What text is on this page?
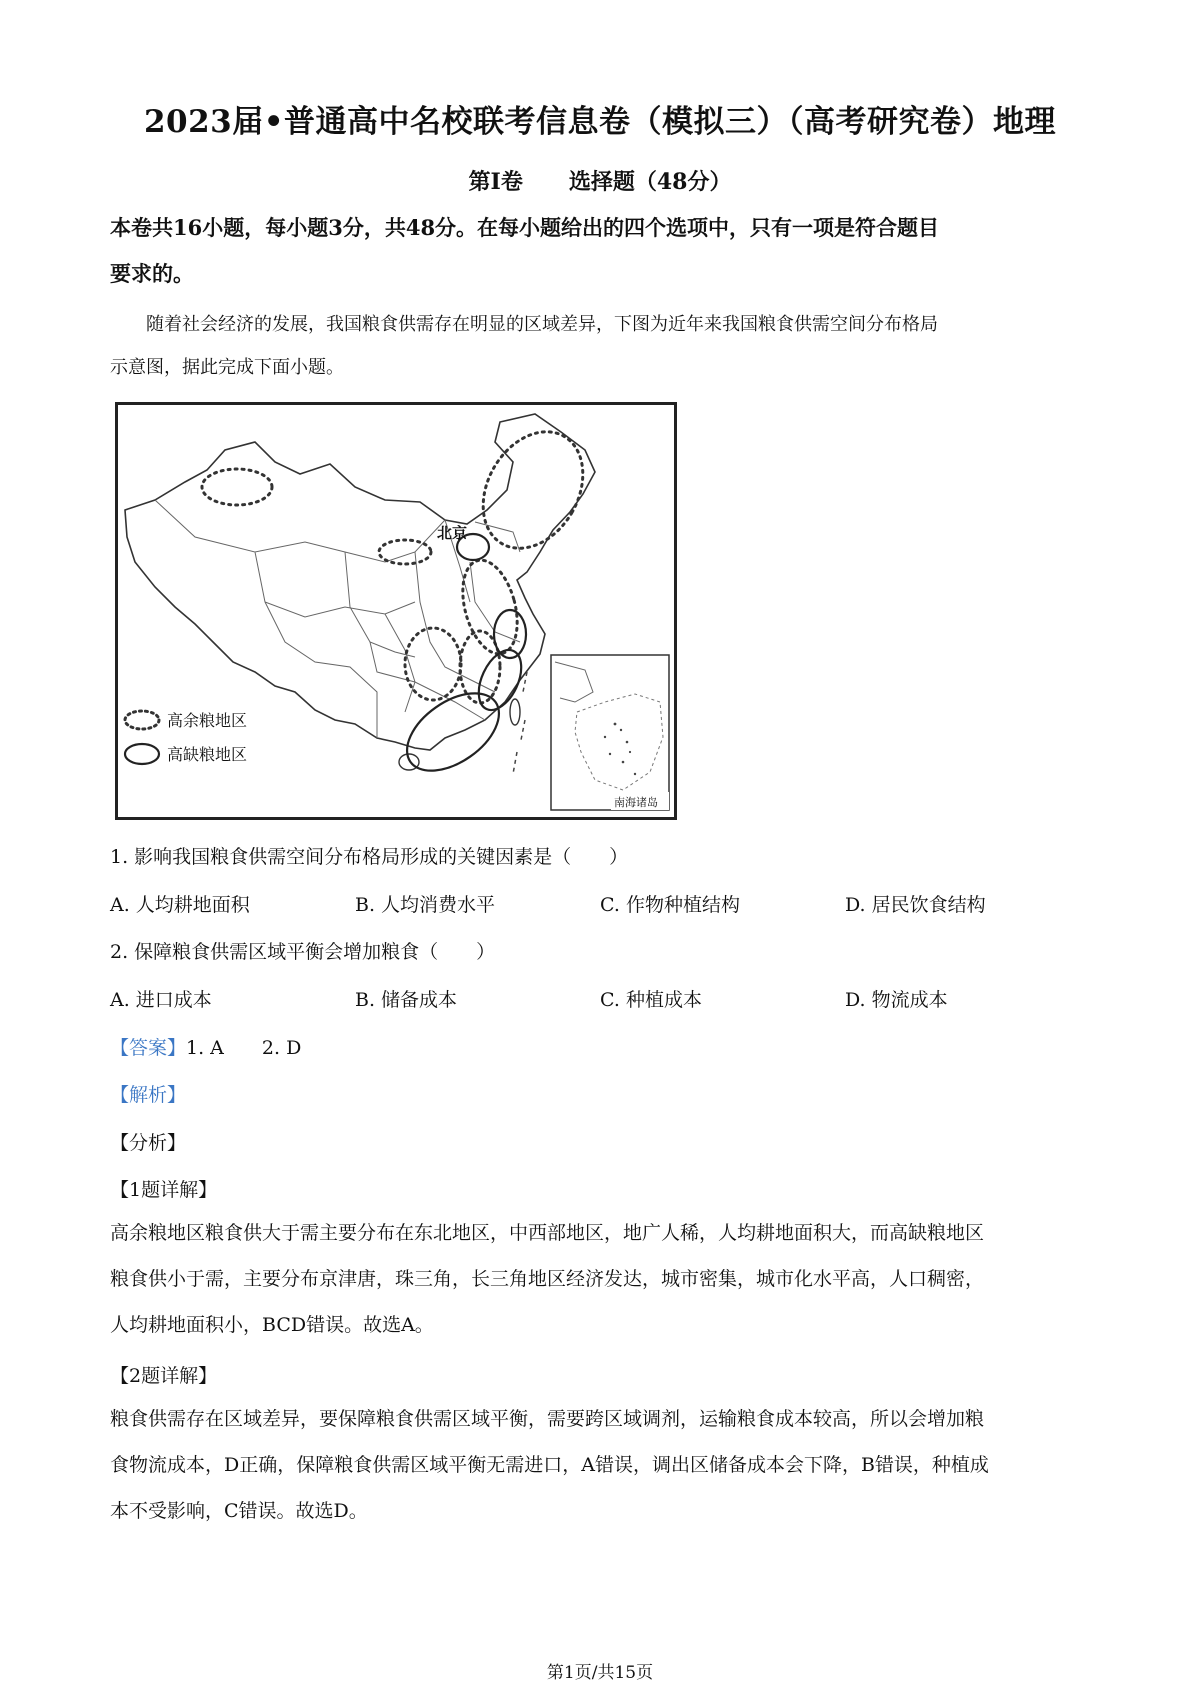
2023届•普通高中名校联考信息卷（模拟三）（高考研究卷）地理
第Ⅰ卷 选择题（48分）
本卷共16小题，每小题3分，共48分。在每小题给出的四个选项中，只有一项是符合题目
要求的。
随着社会经济的发展，我国粮食供需存在明显的区域差异，下图为近年来我国粮食供需空间分布格局
示意图，据此完成下面小题。
北京
高余粮地区
高缺粮地区
南海诸岛
1. 影响我国粮食供需空间分布格局形成的关键因素是（　　）
A. 人均耕地面积	B. 人均消费水平	C. 作物种植结构	D. 居民饮食结构
2. 保障粮食供需区域平衡会增加粮食（　　）
A. 进口成本	B. 储备成本	C. 种植成本	D. 物流成本
【答案】1. A　　2. D
【解析】
【分析】
【1题详解】
高余粮地区粮食供大于需主要分布在东北地区，中西部地区，地广人稀，人均耕地面积大，而高缺粮地区
粮食供小于需，主要分布京津唐，珠三角，长三角地区经济发达，城市密集，城市化水平高，人口稠密，
人均耕地面积小，BCD错误。故选A。
【2题详解】
粮食供需存在区域差异，要保障粮食供需区域平衡，需要跨区域调剂，运输粮食成本较高，所以会增加粮
食物流成本，D正确，保障粮食供需区域平衡无需进口，A错误，调出区储备成本会下降，B错误，种植成
本不受影响，C错误。故选D。
第1页/共15页
